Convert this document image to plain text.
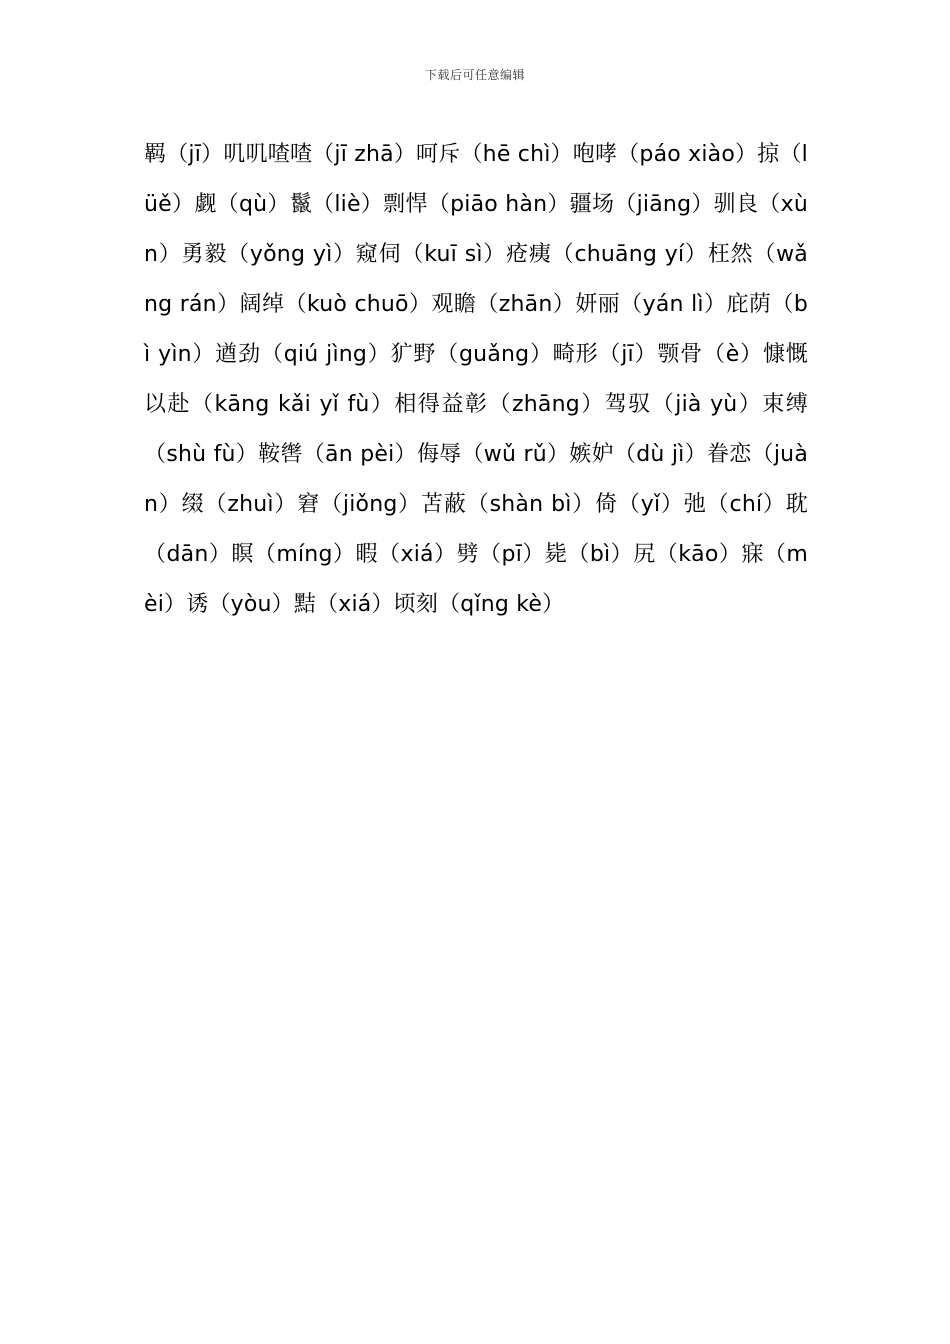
下载后可任意编辑
羁（jī）叽叽喳喳（jī zhā）呵斥（hē chì）咆哮（páo xiào）掠（lüě）觑（qù）鬣（liè）剽悍（piāo hàn）疆场（jiāng）驯良（xùn）勇毅（yǒng yì）窥伺（kuī sì）疮痍（chuāng yí）枉然（wǎng rán）阔绰（kuò chuō）观瞻（zhān）妍丽（yán lì）庇荫（bì yìn）遒劲（qiú jìng）犷野（guǎng）畸形（jī）颚骨（è）慷慨以赴（kāng kǎi yǐ fù）相得益彰（zhāng）驾驭（jià yù）束缚（shù fù）鞍辔（ān pèi）侮辱（wǔ rǔ）嫉妒（dù jì）眷恋（juàn）缀（zhuì）窘（jiǒng）苫蔽（shàn bì）倚（yǐ）弛（chí）耽（dān）瞑（míng）暇（xiá）劈（pī）毙（bì）尻（kāo）寐（mèi）诱（yòu）黠（xiá）顷刻（qǐng kè）
